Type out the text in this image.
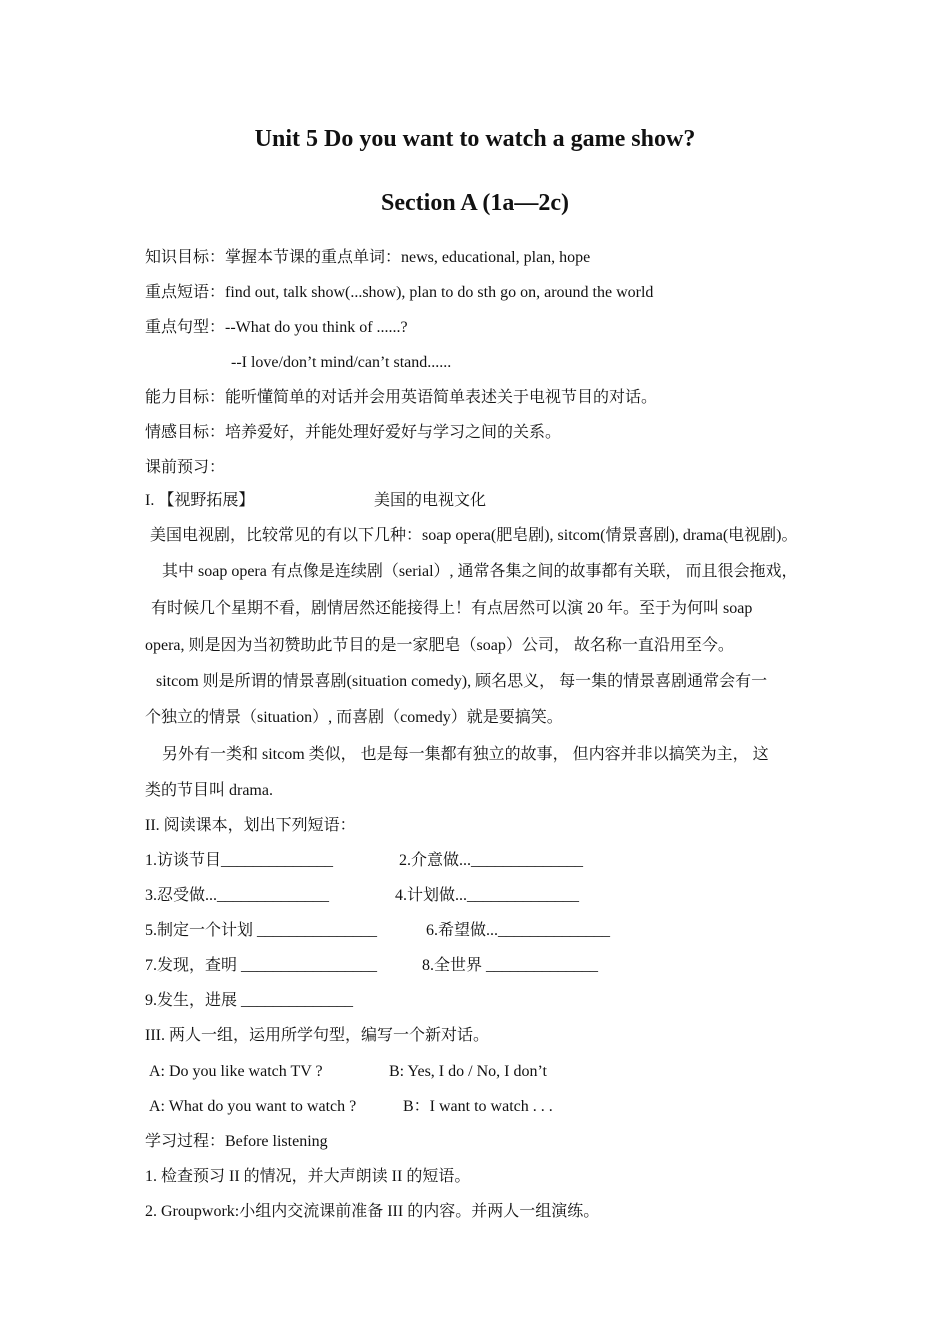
Unit 5 Do you want to watch a game show?
Section A (1a—2c)
知识目标：掌握本节课的重点单词：news, educational, plan, hope
重点短语：find out, talk show(...show), plan to do sth go on, around the world
重点句型：--What do you think of ......?
--I love/don’t mind/can’t stand......
能力目标：能听懂简单的对话并会用英语简单表述关于电视节目的对话。
情感目标：培养爱好，并能处理好爱好与学习之间的关系。
课前预习：
I. 【视野拓展】	美国的电视文化
美国电视剧，比较常见的有以下几种：soap opera(肥皂剧), sitcom(情景喜剧), drama(电视剧)。
其中 soap opera 有点像是连续剧（serial）, 通常各集之间的故事都有关联， 而且很会拖戏，
有时候几个星期不看，剧情居然还能接得上！有点居然可以演 20 年。至于为何叫 soap
opera, 则是因为当初赞助此节目的是一家肥皂（soap）公司， 故名称一直沿用至今。
sitcom 则是所谓的情景喜剧(situation comedy), 顾名思义， 每一集的情景喜剧通常会有一
个独立的情景（situation）, 而喜剧（comedy）就是要搞笑。
另外有一类和 sitcom 类似， 也是每一集都有独立的故事， 但内容并非以搞笑为主， 这
类的节目叫 drama.
II. 阅读课本，划出下列短语：
1.访谈节目______________	2.介意做...______________
3.忍受做...______________	4.计划做...______________
5.制定一个计划 _______________	6.希望做...______________
7.发现，查明 _________________	8.全世界 ______________
9.发生，进展 ______________
III. 两人一组，运用所学句型，编写一个新对话。
A: Do you like watch TV ?	B: Yes, I do / No, I don’t
A: What do you want to watch ?	B：I want to watch . . .
学习过程：Before listening
1. 检查预习 II 的情况，并大声朗读 II 的短语。
2. Groupwork:小组内交流课前准备 III 的内容。并两人一组演练。
